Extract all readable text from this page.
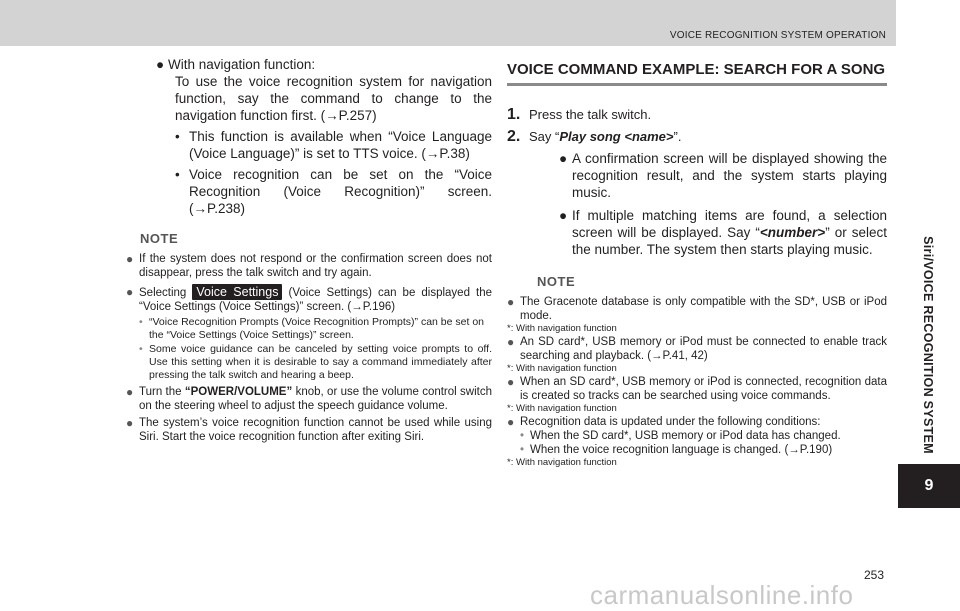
VOICE RECOGNITION SYSTEM OPERATION
Siri/VOICE RECOGNITION SYSTEM
9
● With navigation function:

To use the voice recognition system for navigation function, say the command to change to the navigation function first. (→P.257)

• This function is available when “Voice Language (Voice Language)” is set to TTS voice. (→P.38)
• Voice recognition can be set on the “Voice Recognition (Voice Recognition)” screen. (→P.238)
NOTE
● If the system does not respond or the confirmation screen does not disappear, press the talk switch and try again.
● Selecting Voice Settings (Voice Settings) can be displayed the “Voice Settings (Voice Settings)” screen. (→P.196)
• “Voice Recognition Prompts (Voice Recognition Prompts)” can be set on the “Voice Settings (Voice Settings)” screen.
• Some voice guidance can be canceled by setting voice prompts to off. Use this setting when it is desirable to say a command immediately after pressing the talk switch and hearing a beep.
● Turn the “POWER/VOLUME” knob, or use the volume control switch on the steering wheel to adjust the speech guidance volume.
● The system’s voice recognition function cannot be used while using Siri. Start the voice recognition function after exiting Siri.
VOICE COMMAND EXAMPLE: SEARCH FOR A SONG
1. Press the talk switch.
2. Say “Play song <name>”.
● A confirmation screen will be displayed showing the recognition result, and the system starts playing music.
● If multiple matching items are found, a selection screen will be displayed. Say “<number>” or select the number. The system then starts playing music.
NOTE
● The Gracenote database is only compatible with the SD*, USB or iPod mode.
*: With navigation function
● An SD card*, USB memory or iPod must be connected to enable track searching and playback. (→P.41, 42)
*: With navigation function
● When an SD card*, USB memory or iPod is connected, recognition data is created so tracks can be searched using voice commands.
*: With navigation function
● Recognition data is updated under the following conditions:
• When the SD card*, USB memory or iPod data has changed.
• When the voice recognition language is changed. (→P.190)
*: With navigation function
253
carmanualsonline.info
